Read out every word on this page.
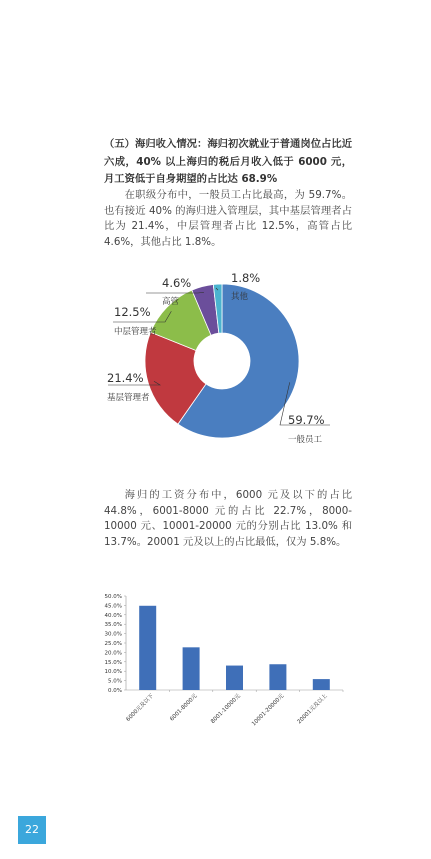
（五）海归收入情况：海归初次就业于普通岗位占比近六成，40% 以上海归的税后月收入低于 6000 元，月工资低于自身期望的占比达 68.9%
在职级分布中，一般员工占比最高，为 59.7%。也有接近 40% 的海归进入管理层，其中基层管理者占比为 21.4%，中层管理者占比 12.5%，高管占比 4.6%，其他占比 1.8%。
59.7%
一般员工
21.4%
基层管理者
12.5%
中层管理者
4.6%
高管
1.8%
其他
海归的工资分布中，6000 元及以下的占比 44.8%，6001-8000 元的占比 22.7%，8000-10000 元、10001-20000 元的分别占比 13.0% 和 13.7%。20001 元及以上的占比最低，仅为 5.8%。
0.0%
5.0%
10.0%
15.0%
20.0%
25.0%
30.0%
35.0%
40.0%
45.0%
50.0%
6000元及以下	6001-8000元 8001-10000元 10001-20000元 20001元及以上
22
